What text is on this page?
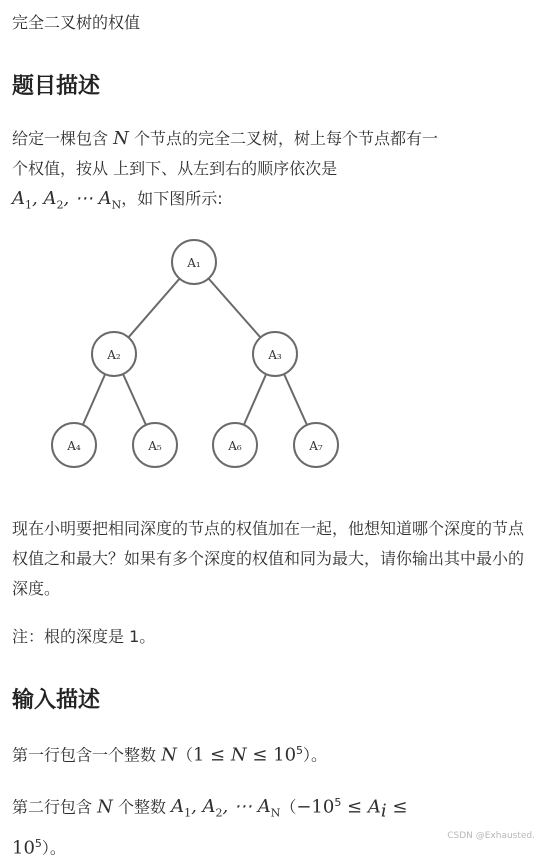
完全二叉树的权值
题目描述
给定一棵包含 N 个节点的完全二叉树，树上每个节点都有一
个权值，按从 上到下、从左到右的顺序依次是
$A_1$, $A_2$, ⋯ $A_N$，如下图所示:
A₁
A₂	A₃
A₄	A₅	A₆	A₇
现在小明要把相同深度的节点的权值加在一起，他想知道哪个深度的节点 权值之和最大？如果有多个深度的权值和同为最大，请你输出其中最小的深度。
注：根的深度是 1。
输入描述
第一行包含一个整数 $N(1 \le N \le 10^5)$。
第二行包含 N 个整数 $A_1$, $A_2$, ⋯ $A_N(-10^5 \le A_i$ ≤
$10^5$）。
CSDN @Exhausted.
